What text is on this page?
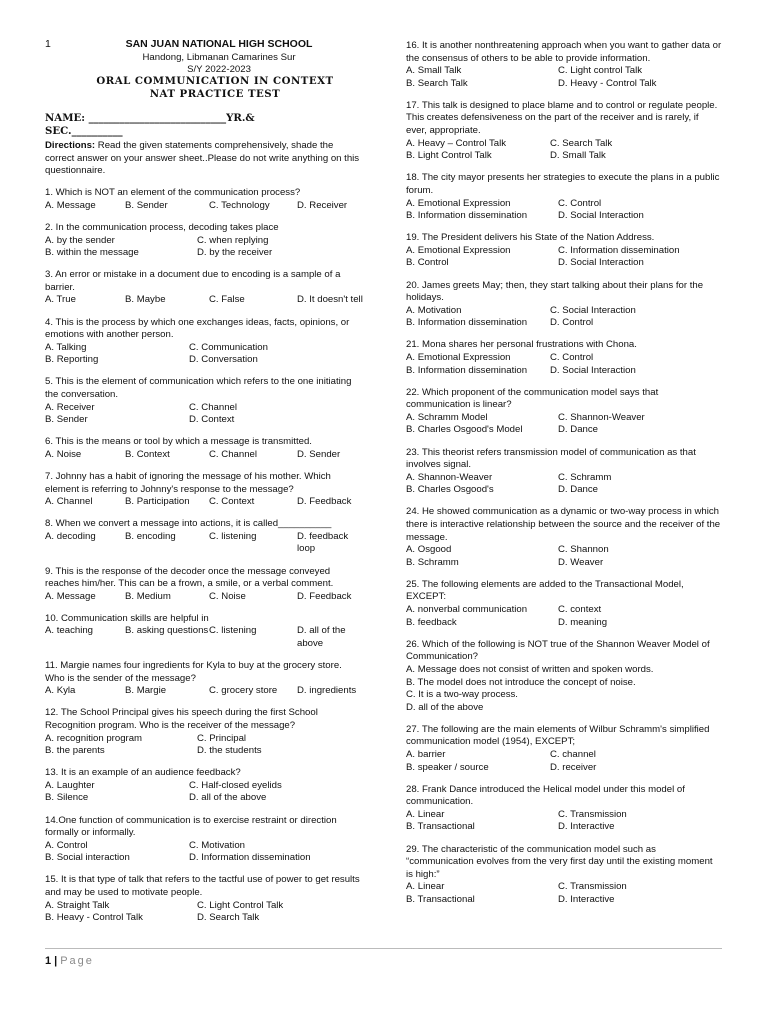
1	SAN JUAN NATIONAL HIGH SCHOOL
Handong, Libmanan Camarines Sur
S/Y 2022-2023
ORAL COMMUNICATION IN CONTEXT
NAT PRACTICE TEST
NAME: ___________________________YR.&
SEC.__________
Directions: Read the given statements comprehensively, shade the correct answer on your answer sheet..Please do not write anything on this questionnaire.
1. Which is NOT an element of the communication process?
A. Message	B. Sender	C. Technology	D. Receiver
2. In the communication process, decoding takes place
A. by the sender	C. when replying
B. within the message	D. by the receiver
3. An error or mistake in a document due to encoding is a sample of a barrier.
A. True	B. Maybe	C. False	D. It doesn't tell
4. This is the process by which one exchanges ideas, facts, opinions, or emotions with another person.
A. Talking	C. Communication
B. Reporting	D. Conversation
5. This is the element of communication which refers to the one initiating the conversation.
A. Receiver	C. Channel
B. Sender	D. Context
6. This is the means or tool by which a message is transmitted.
A. Noise	B. Context	C. Channel	D. Sender
7. Johnny has a habit of ignoring the message of his mother. Which element is referring to Johnny's response to the message?
A. Channel	B. Participation	C. Context	D. Feedback
8. When we convert a message into actions, it is called__________
A. decoding	B. encoding	C. listening	D. feedback loop
9. This is the response of the decoder once the message conveyed reaches him/her. This can be a frown, a smile, or a verbal comment.
A. Message	B. Medium	C. Noise	D. Feedback
10. Communication skills are helpful in
A. teaching	B. asking questions C. listening	D. all of the above
11. Margie names four ingredients for Kyla to buy at the grocery store. Who is the sender of the message?
A. Kyla	B. Margie	C. grocery store	D. ingredients
12. The School Principal gives his speech during the first School Recognition program. Who is the receiver of the message?
A. recognition program	C. Principal
B. the parents	D. the students
13. It is an example of an audience feedback?
A. Laughter	C. Half-closed eyelids
B. Silence	D. all of the above
14.One function of communication is to exercise restraint or direction formally or informally.
A. Control	C. Motivation
B. Social interaction	D. Information dissemination
15. It is that type of talk that refers to the tactful use of power to get results and may be used to motivate people.
A. Straight Talk	C. Light Control Talk
B. Heavy - Control Talk	D. Search Talk
16. It is another nonthreatening approach when you want to gather data or the consensus of others to be able to provide information.
A. Small Talk	C. Light control Talk
B. Search Talk	D. Heavy - Control Talk
17. This talk is designed to place blame and to control or regulate people. This creates defensiveness on the part of the receiver and is rarely, if ever, appropriate.
A. Heavy – Control Talk	C. Search Talk
B. Light Control Talk	D. Small Talk
18. The city mayor presents her strategies to execute the plans in a public forum.
A. Emotional Expression	C. Control
B. Information dissemination	D. Social Interaction
19. The President delivers his State of the Nation Address.
A. Emotional Expression	C. Information dissemination
B. Control	D. Social Interaction
20. James greets May; then, they start talking about their plans for the holidays.
A. Motivation	C. Social Interaction
B. Information dissemination	D. Control
21. Mona shares her personal frustrations with Chona.
A. Emotional Expression	C. Control
B. Information dissemination	D. Social Interaction
22. Which proponent of the communication model says that communication is linear?
A. Schramm Model	C. Shannon-Weaver
B. Charles Osgood's Model	D. Dance
23. This theorist refers transmission model of communication as that involves signal.
A. Shannon-Weaver	C. Schramm
B. Charles Osgood's	D. Dance
24. He showed communication as a dynamic or two-way process in which there is interactive relationship between the source and the receiver of the message.
A. Osgood	C. Shannon
B. Schramm	D. Weaver
25. The following elements are added to the Transactional Model, EXCEPT:
A. nonverbal communication	C. context
B. feedback	D. meaning
26. Which of the following is NOT true of the Shannon Weaver Model of Communication?
A. Message does not consist of written and spoken words.
B. The model does not introduce the concept of noise.
C. It is a two-way process.
D. all of the above
27. The following are the main elements of Wilbur Schramm's simplified communication model (1954), EXCEPT;
A. barrier	C. channel
B. speaker / source	D. receiver
28. Frank Dance introduced the Helical model under this model of communication.
A. Linear	C. Transmission
B. Transactional	D. Interactive
29. The characteristic of the communication model such as “communication evolves from the very first day until the existing moment is high:”
A. Linear	C. Transmission
B. Transactional	D. Interactive
1 | Page
